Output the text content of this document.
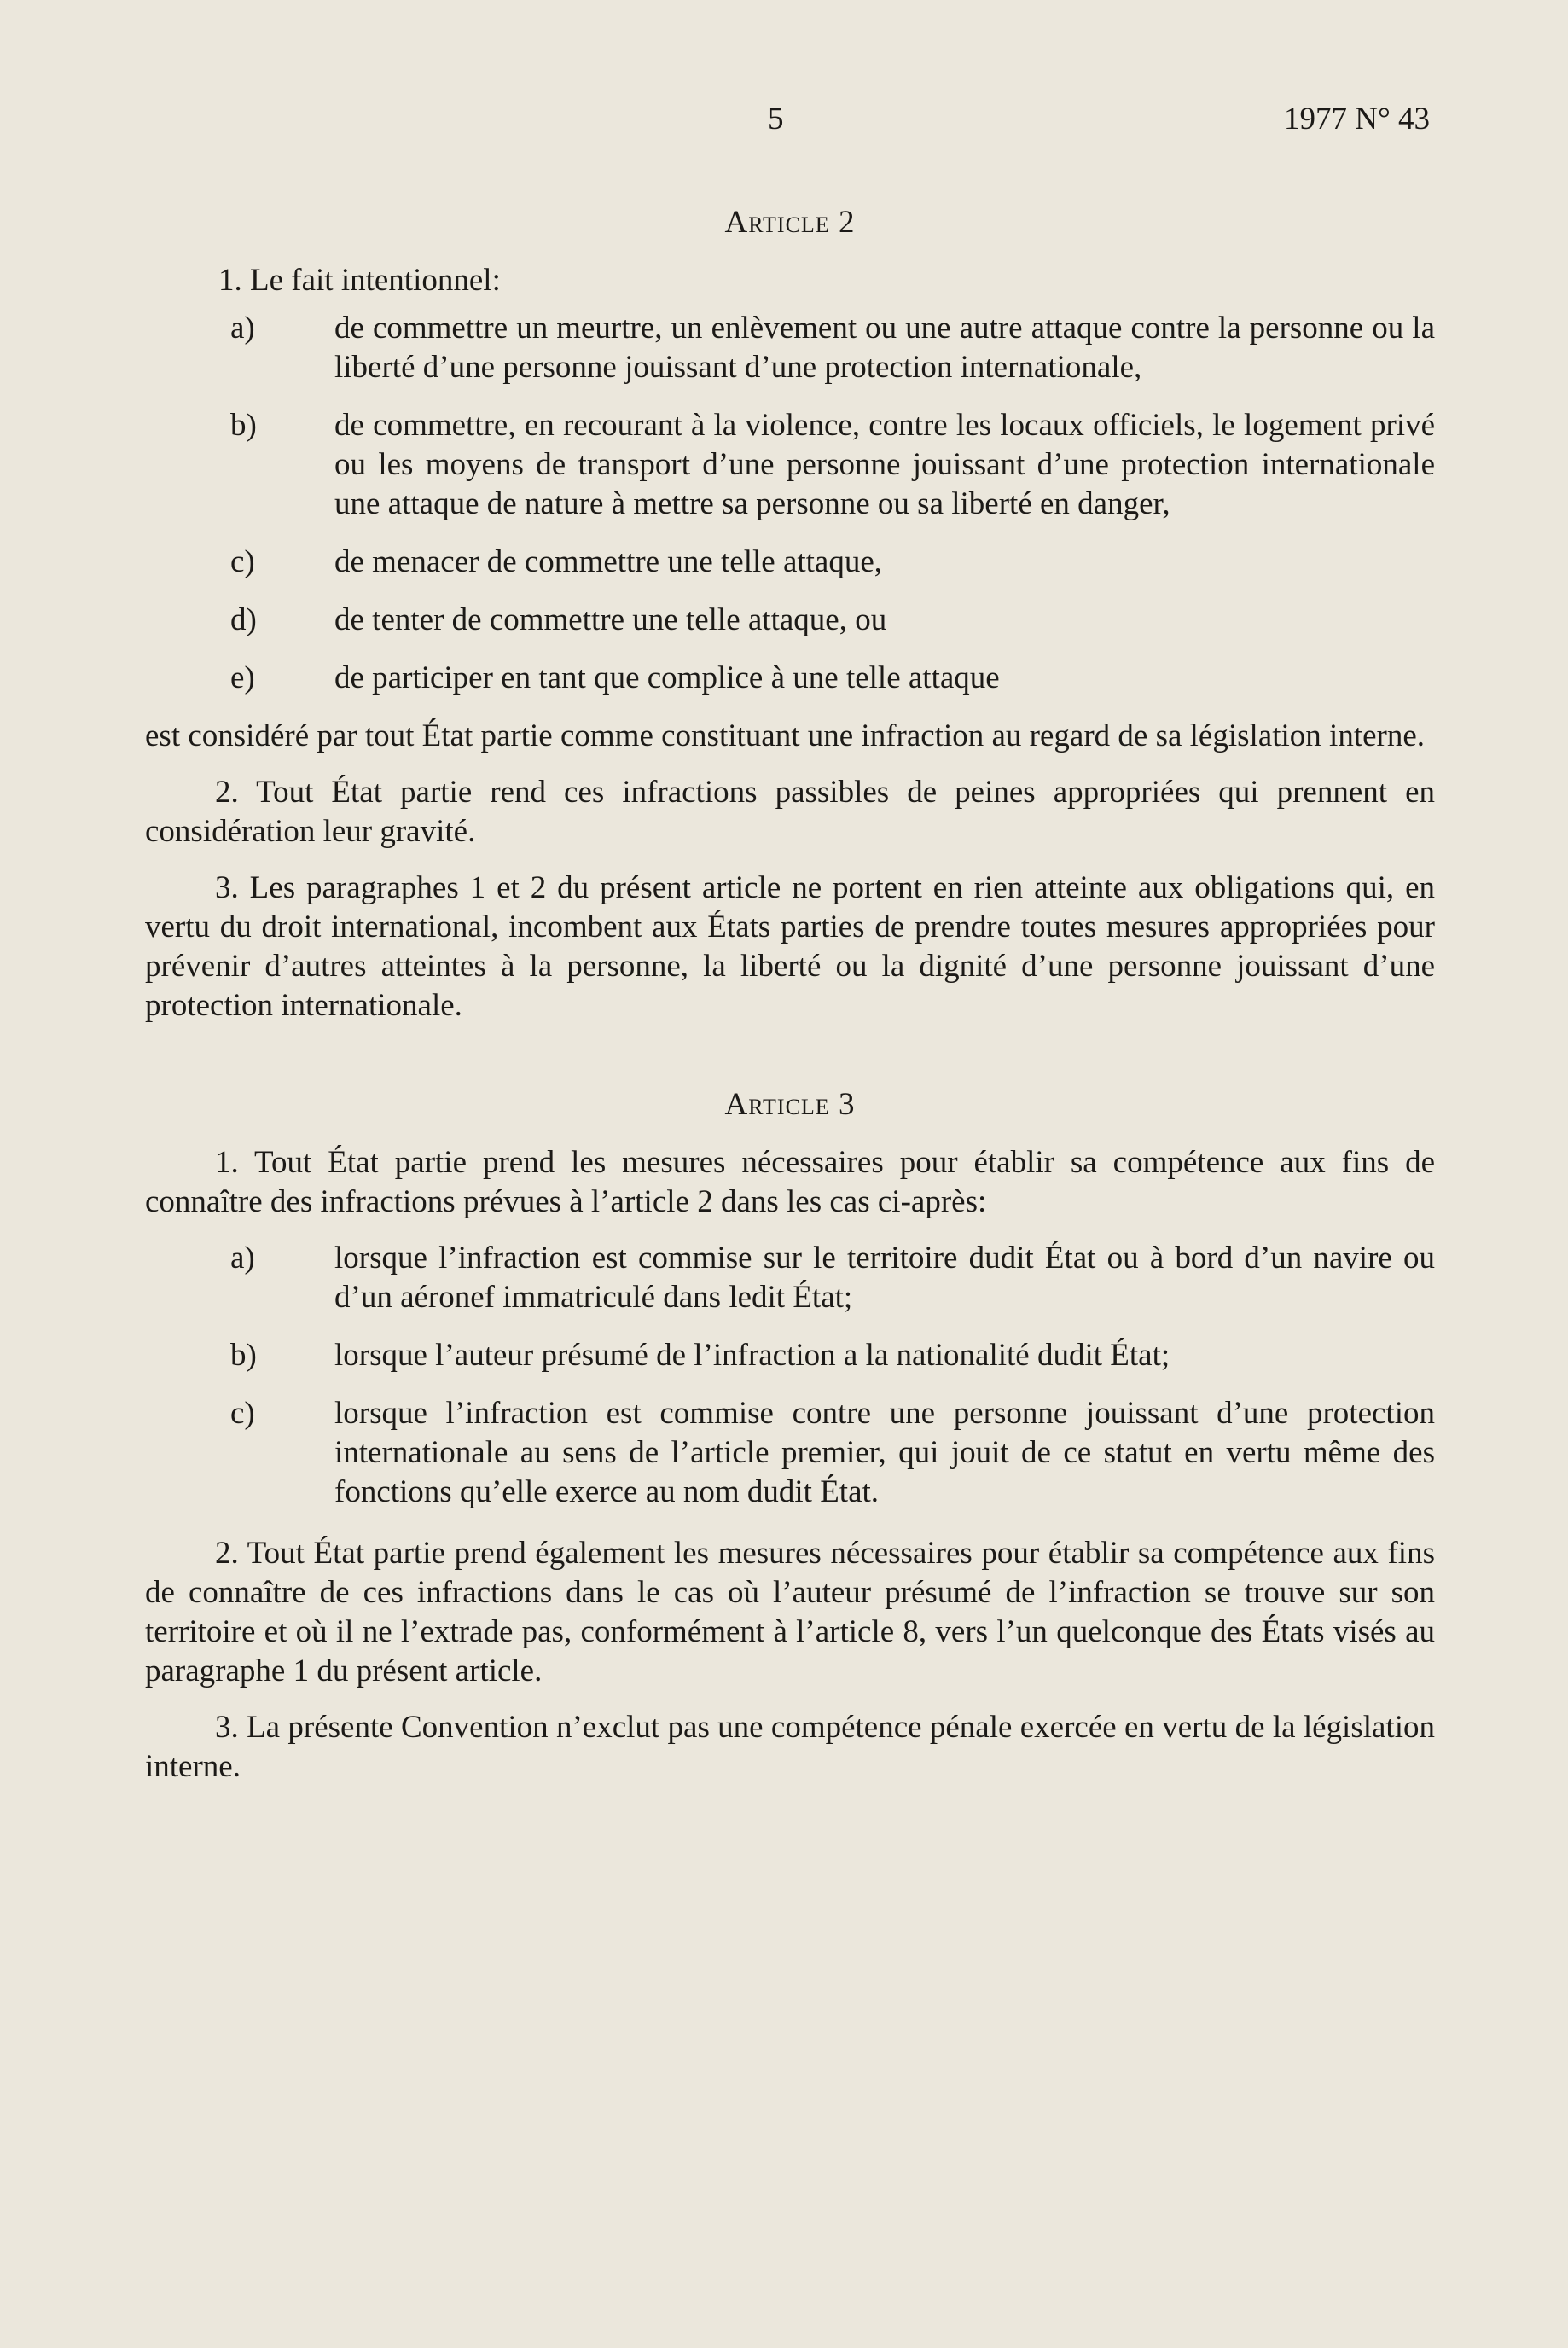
5	1977 N° 43
Article 2

1. Le fait intentionnel:

a)	de commettre un meurtre, un enlèvement ou une autre attaque contre la personne ou la liberté d’une personne jouissant d’une protection internationale,
b)	de commettre, en recourant à la violence, contre les locaux officiels, le logement privé ou les moyens de transport d’une personne jouissant d’une protection internationale une attaque de nature à mettre sa personne ou sa liberté en danger,
c)	de menacer de commettre une telle attaque,
d)	de tenter de commettre une telle attaque, ou
e)	de participer en tant que complice à une telle attaque

est considéré par tout État partie comme constituant une infraction au regard de sa législation interne.

2. Tout État partie rend ces infractions passibles de peines appropriées qui prennent en considération leur gravité.

3. Les paragraphes 1 et 2 du présent article ne portent en rien atteinte aux obligations qui, en vertu du droit international, incombent aux États parties de prendre toutes mesures appropriées pour prévenir d’autres atteintes à la personne, la liberté ou la dignité d’une personne jouissant d’une protection internationale.

Article 3

1. Tout État partie prend les mesures nécessaires pour établir sa compétence aux fins de connaître des infractions prévues à l’article 2 dans les cas ci-après:

a)	lorsque l’infraction est commise sur le territoire dudit État ou à bord d’un navire ou d’un aéronef immatriculé dans ledit État;
b)	lorsque l’auteur présumé de l’infraction a la nationalité dudit État;
c)	lorsque l’infraction est commise contre une personne jouissant d’une protection internationale au sens de l’article premier, qui jouit de ce statut en vertu même des fonctions qu’elle exerce au nom dudit État.

2. Tout État partie prend également les mesures nécessaires pour établir sa compétence aux fins de connaître de ces infractions dans le cas où l’auteur présumé de l’infraction se trouve sur son territoire et où il ne l’extrade pas, conformément à l’article 8, vers l’un quelconque des États visés au paragraphe 1 du présent article.

3. La présente Convention n’exclut pas une compétence pénale exercée en vertu de la législation interne.
